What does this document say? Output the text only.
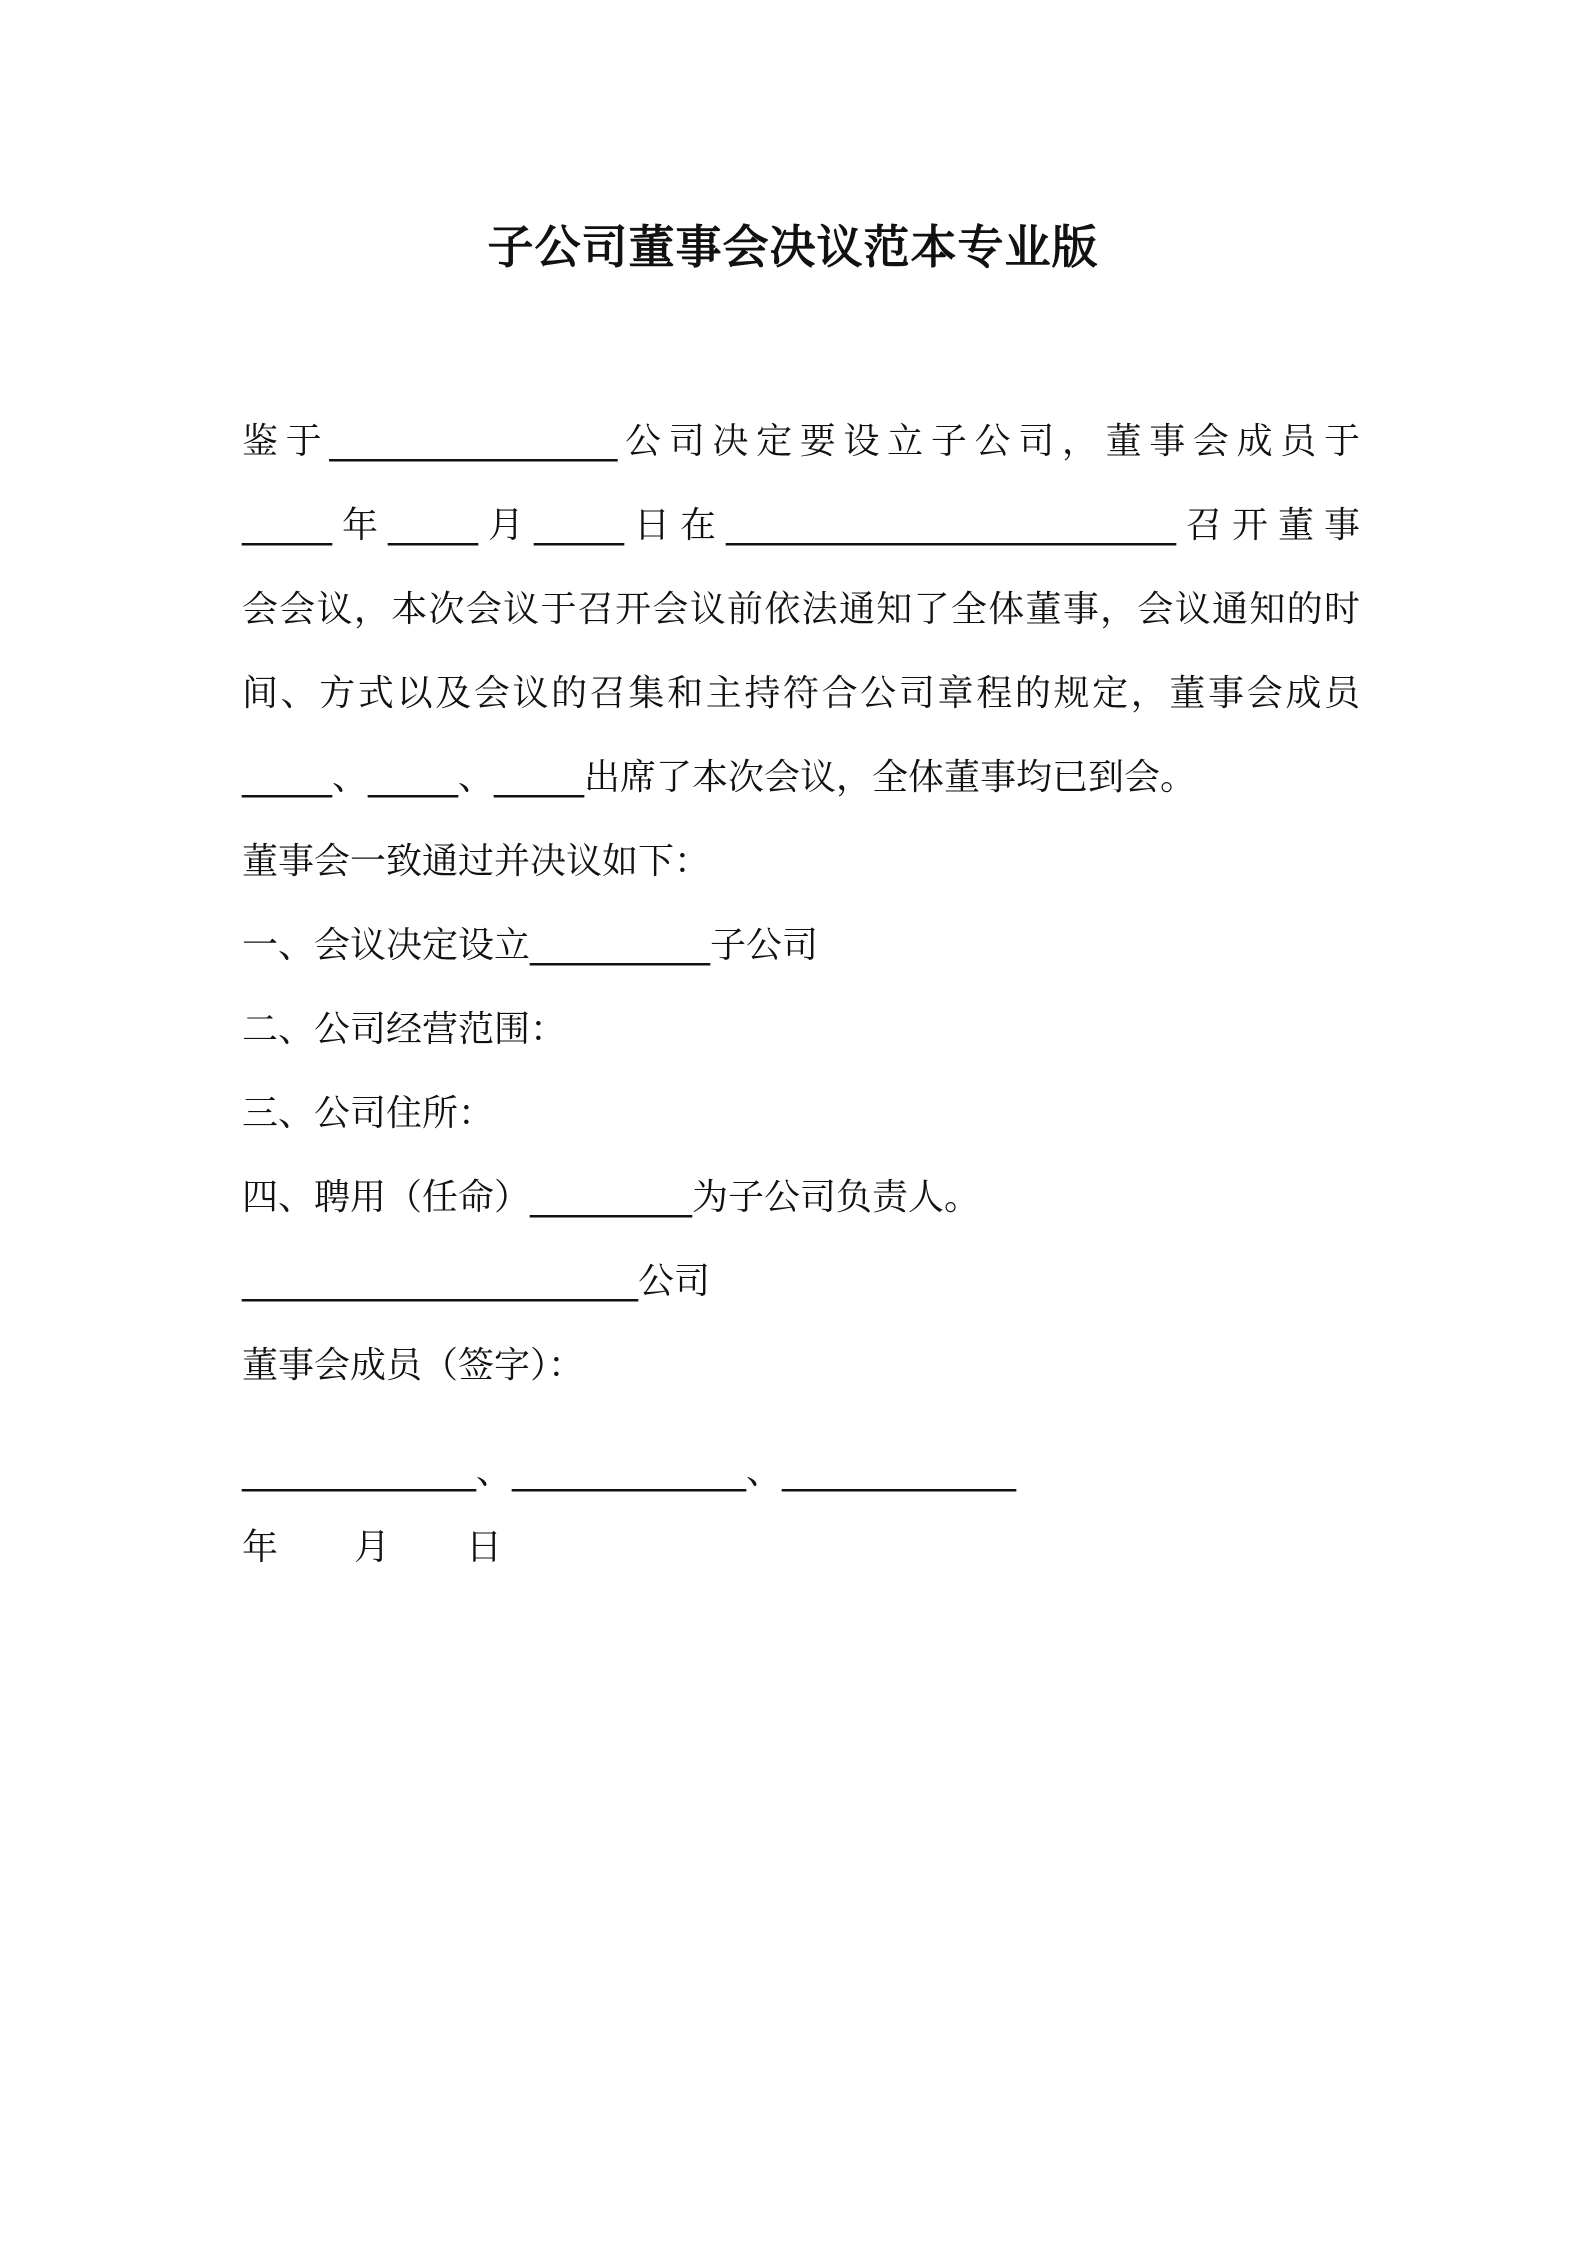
子公司董事会决议范本专业版
鉴于________________公司决定要设立子公司，董事会成员于
_____年_____月_____日在_________________________召开董事
会会议，本次会议于召开会议前依法通知了全体董事，会议通知的时
间、方式以及会议的召集和主持符合公司章程的规定，董事会成员
_____、_____、_____出席了本次会议，全体董事均已到会。
董事会一致通过并决议如下：
一、会议决定设立__________子公司
二、公司经营范围：
三、公司住所：
四、聘用（任命）_________为子公司负责人。
______________________公司
董事会成员（签字）：
_____________、_____________、_____________
年 月 日
